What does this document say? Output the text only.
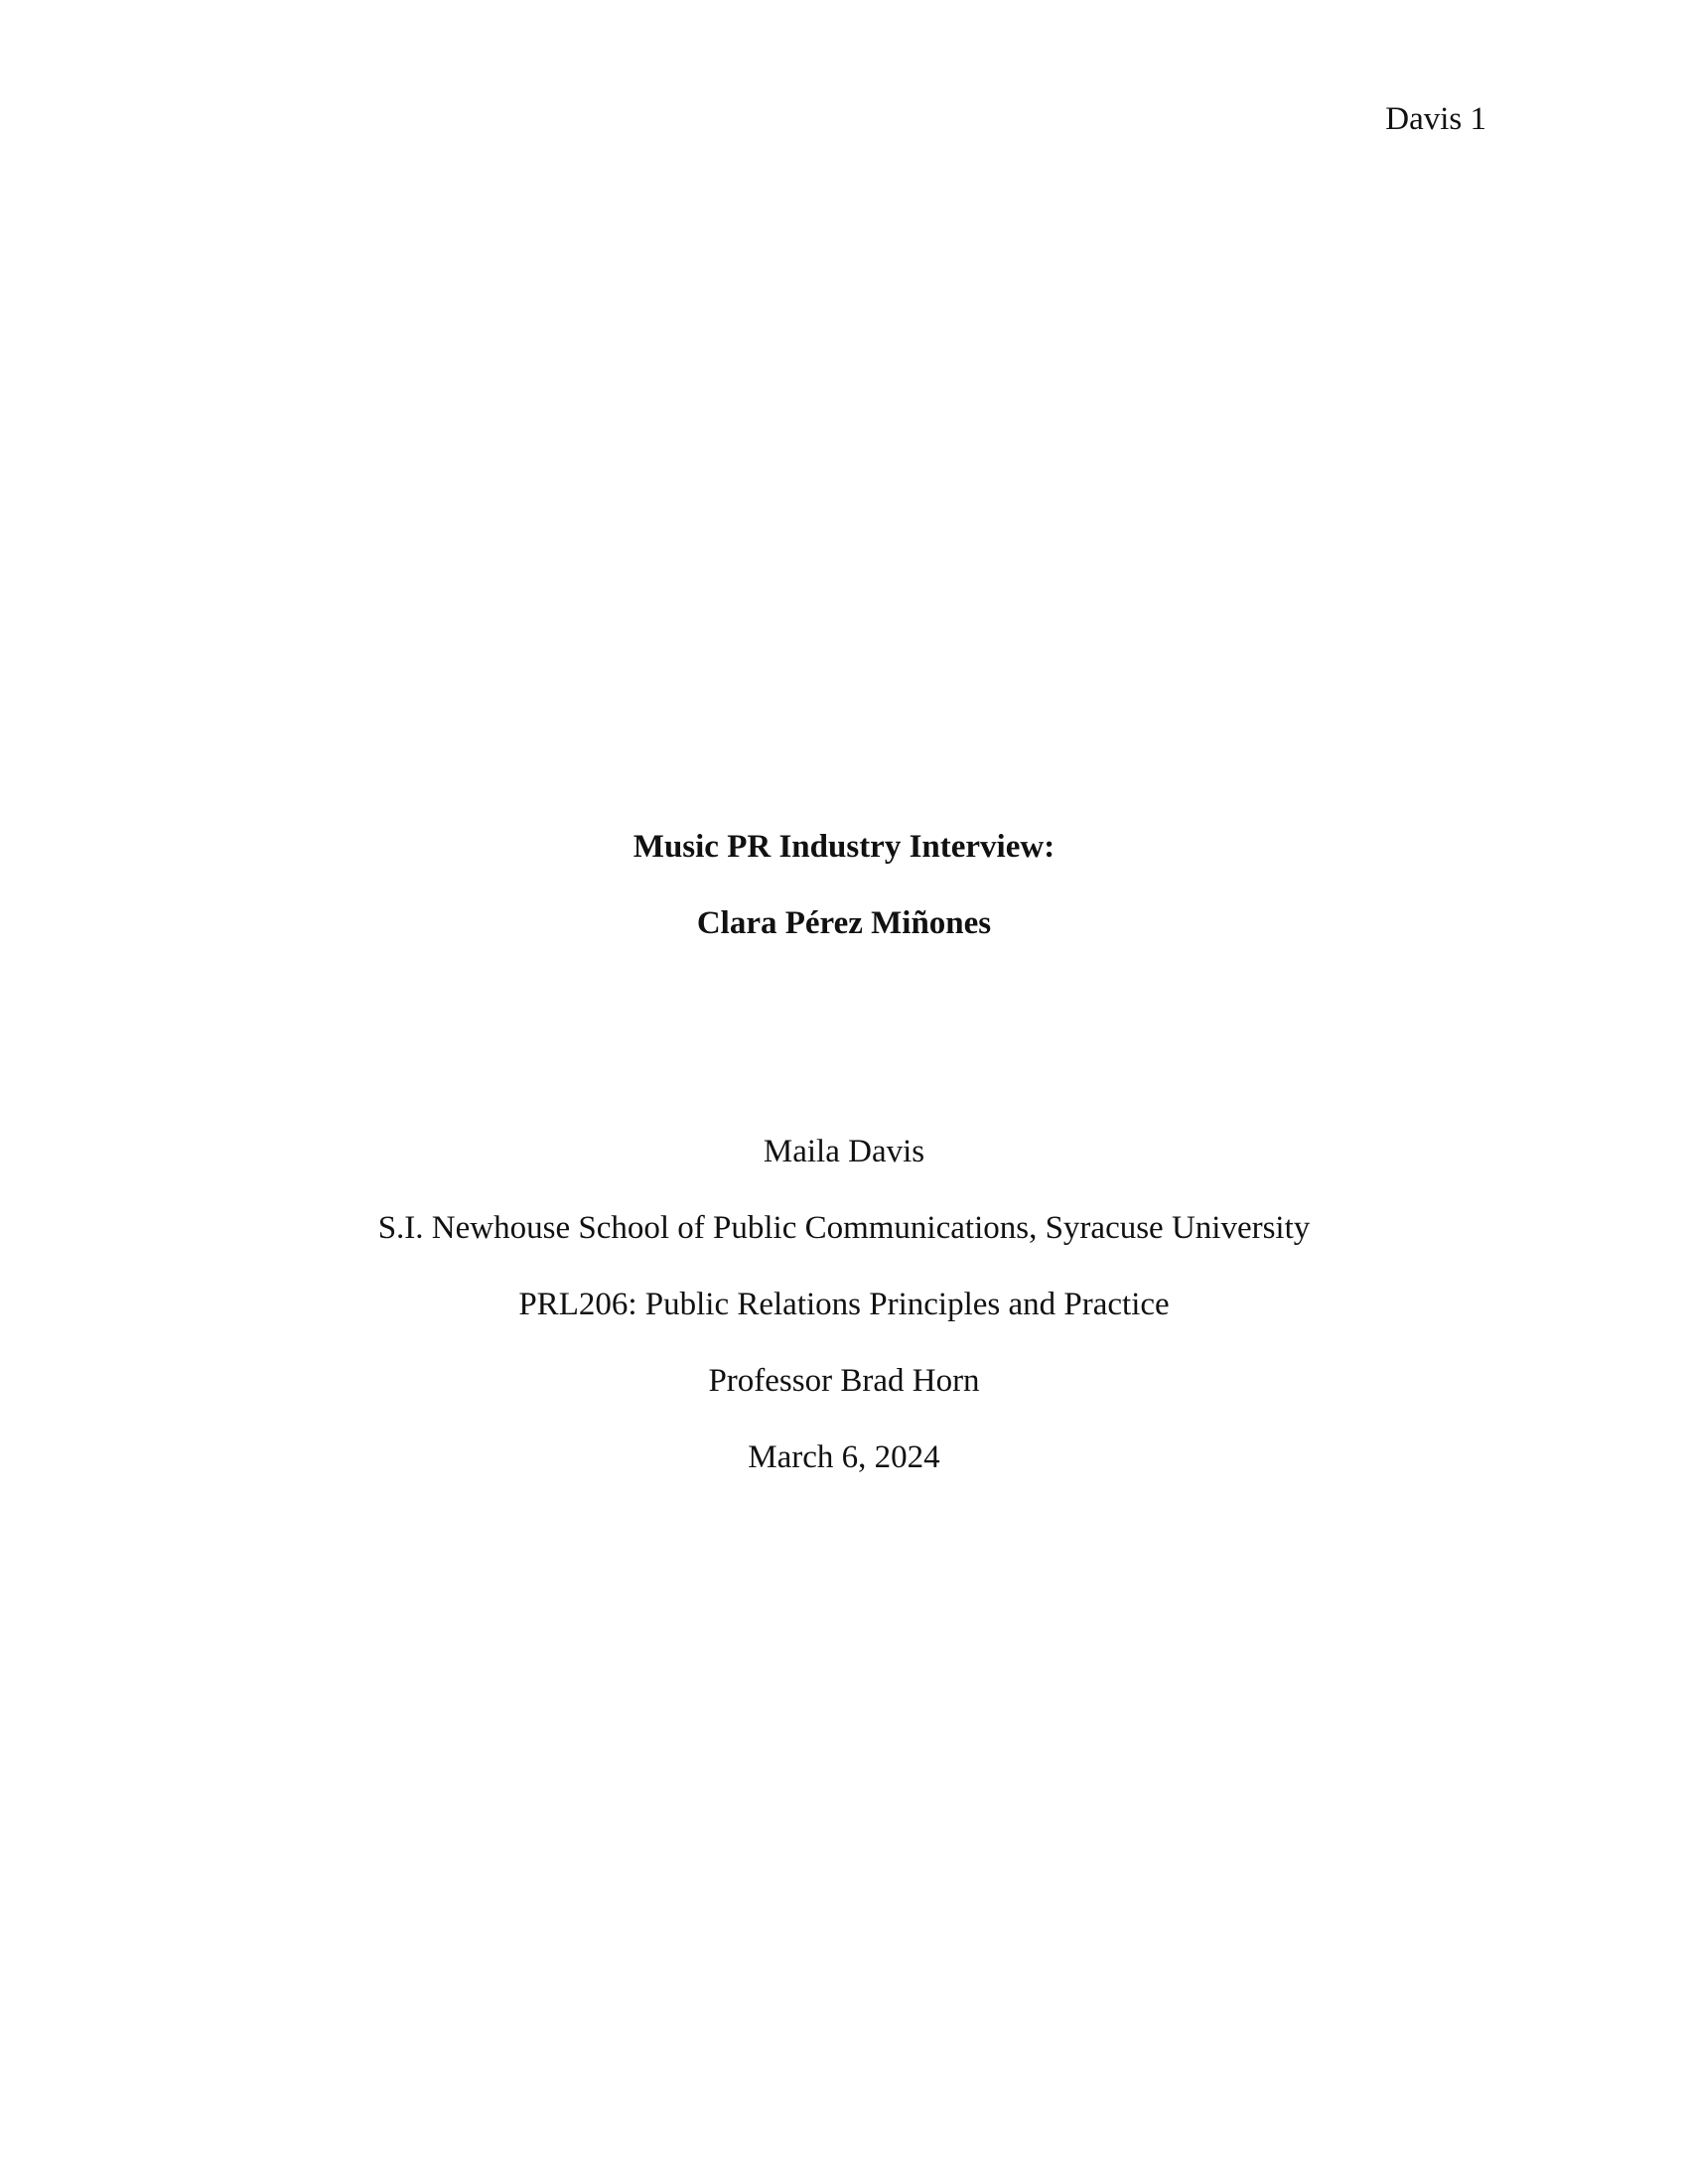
Davis 1
Music PR Industry Interview:
Clara Pérez Miñones
Maila Davis
S.I. Newhouse School of Public Communications, Syracuse University
PRL206: Public Relations Principles and Practice
Professor Brad Horn
March 6, 2024
